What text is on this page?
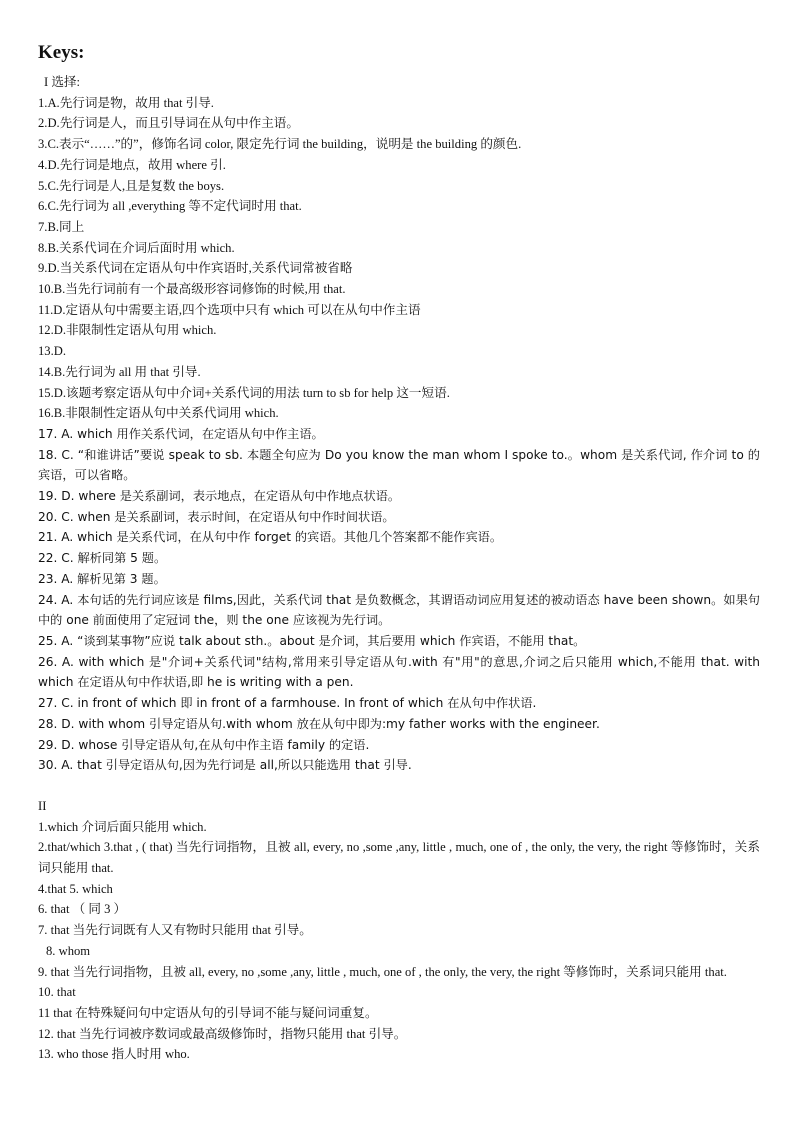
Keys:
I 选择:
1.A.先行词是物，故用 that 引导.
2.D.先行词是人，而且引导词在从句中作主语。
3.C.表示“……”的”，修饰名词 color, 限定先行词 the building，说明是 the building 的颜色.
4.D.先行词是地点，故用 where 引.
5.C.先行词是人,且是复数 the boys.
6.C.先行词为 all ,everything 等不定代词时用 that.
7.B.同上
8.B.关系代词在介词后面时用 which.
9.D.当关系代词在定语从句中作宾语时,关系代词常被省略
10.B.当先行词前有一个最高级形容词修饰的时候,用 that.
11.D.定语从句中需要主语,四个选项中只有 which 可以在从句中作主语
12.D.非限制性定语从句用 which.
13.D.
14.B.先行词为 all 用 that 引导.
15.D.该题考察定语从句中介词+关系代词的用法 turn to sb for help 这一短语.
16.B.非限制性定语从句中关系代词用 which.
17. A. which 用作关系代词，在定语从句中作主语。
18. C. “和谁讲话”要说 speak to sb. 本题全句应为 Do you know the man whom I spoke to.。whom 是关系代词, 作介词 to 的宾语，可以省略。
19. D. where 是关系副词，表示地点，在定语从句中作地点状语。
20. C. when 是关系副词，表示时间，在定语从句中作时间状语。
21. A. which 是关系代词，在从句中作 forget 的宾语。其他几个答案都不能作宾语。
22. C. 解析同第 5 题。
23. A. 解析见第 3 题。
24. A. 本句话的先行词应该是 films,因此，关系代词 that 是负数概念，其谓语动词应用复述的被动语态 have been shown。如果句中的 one 前面使用了定冠词 the，则 the one 应该视为先行词。
25. A. “谈到某事物”应说 talk about sth.。about 是介词，其后要用 which 作宾语，不能用 that。
26. A. with which 是"介词+关系代词"结构,常用来引导定语从句.with 有"用"的意思,介词之后只能用 which,不能用 that. with which 在定语从句中作状语,即 he is writing with a pen.
27. C. in front of which 即 in front of a farmhouse. In front of which 在从句中作状语.
28. D. with whom 引导定语从句.with whom 放在从句中即为:my father works with the engineer.
29. D. whose 引导定语从句,在从句中作主语 family 的定语.
30. A. that 引导定语从句,因为先行词是 all,所以只能选用 that 引导.
II
1.which 介词后面只能用 which.
2.that/which 3.that , ( that) 当先行词指物，且被 all, every, no ,some ,any, little , much, one of , the only, the very, the right 等修饰时，关系词只能用 that.
4.that 5. which
6. that （ 同 3 ）
7. that 当先行词既有人又有物时只能用 that 引导。
8. whom
9. that 当先行词指物，且被 all, every, no ,some ,any, little , much, one of , the only, the very, the right 等修饰时，关系词只能用 that.
10. that
11 that 在特殊疑问句中定语从句的引导词不能与疑问词重复。
12. that 当先行词被序数词或最高级修饰时，指物只能用 that 引导。
13. who those 指人时用 who.
